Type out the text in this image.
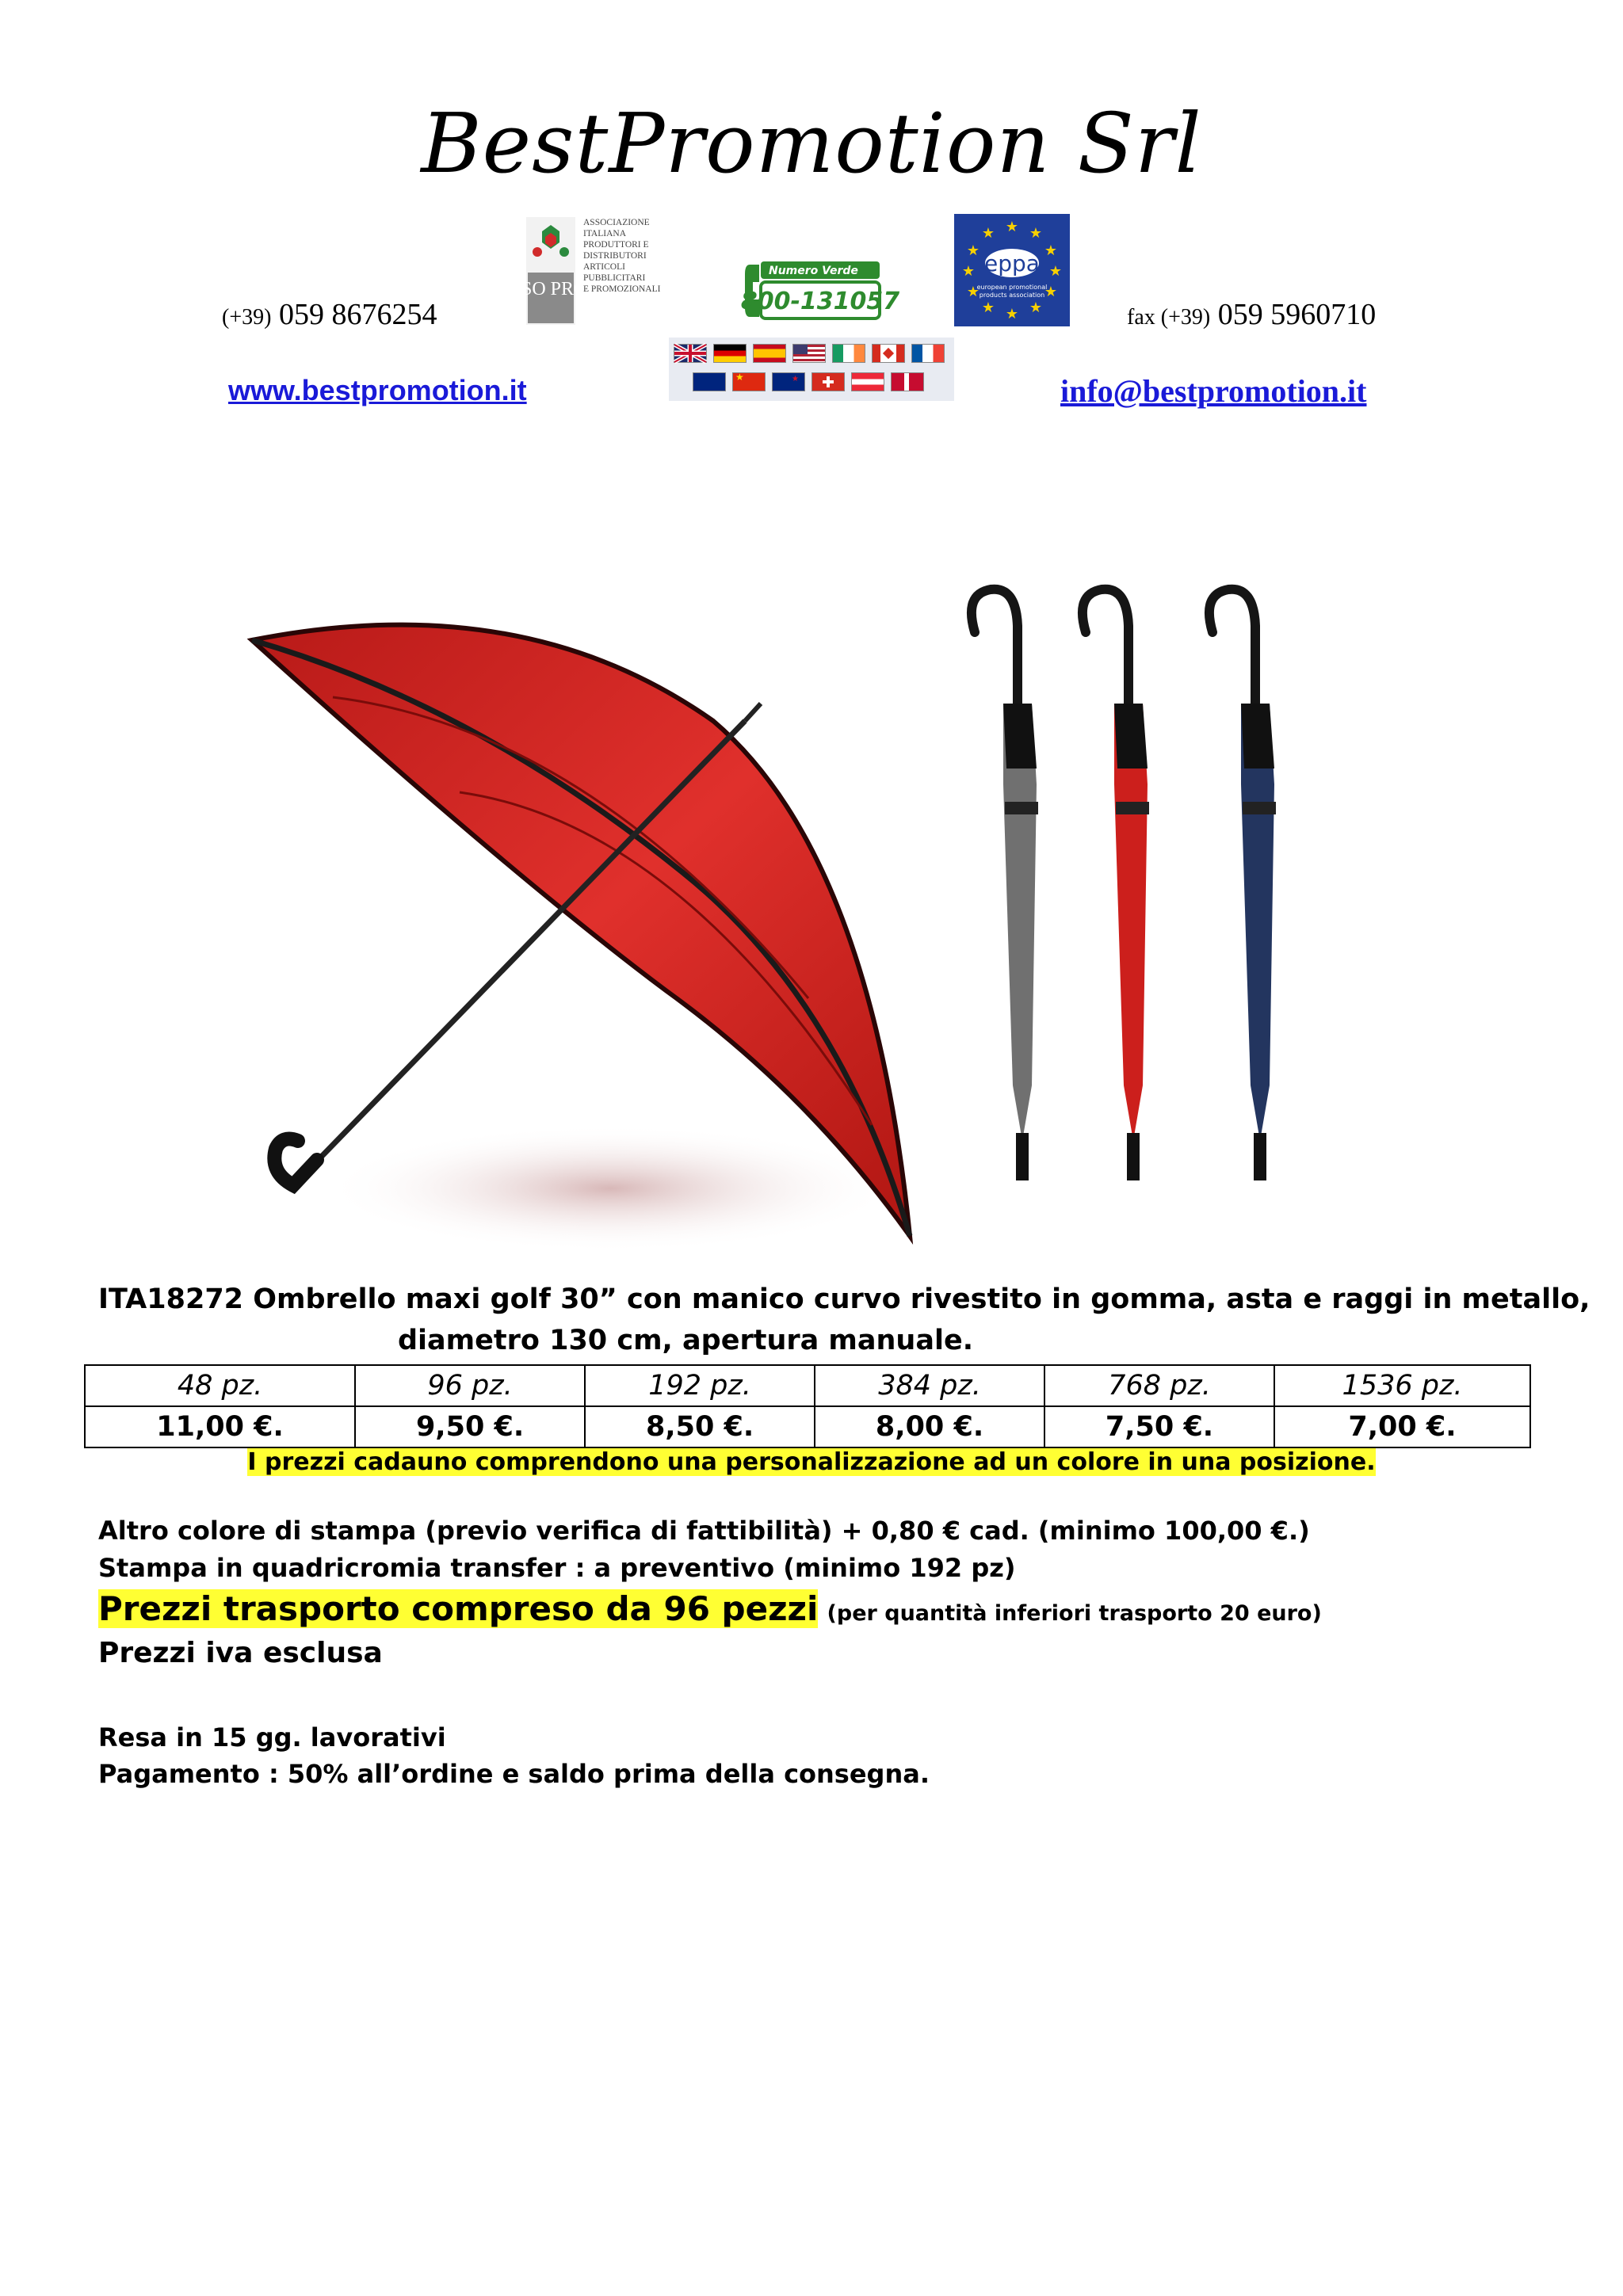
BestPromotion Srl
(+39) 059 8676254	fax (+39) 059 5960710
ASSO PROM
ASSOCIAZIONE
ITALIANA
PRODUTTORI E
DISTRIBUTORI
ARTICOLI
PUBBLICITARI
E PROMOZIONALI
Numero Verde
800-131057
★ ★
★
★
★
★
★
★
★
★
★
★
eppa
european promotional products association
★	★
www.bestpromotion.it	info@bestpromotion.it
ITA18272 Ombrello maxi golf 30” con manico curvo rivestito in gomma, asta e raggi in metallo,
diametro 130 cm, apertura manuale.
48 pz.	96 pz.	192 pz.	384 pz.	768 pz.	1536 pz.
11,00 €.	9,50 €.	8,50 €.	8,00 €.	7,50 €.	7,00 €.
I prezzi cadauno comprendono una personalizzazione ad un colore in una posizione.
Altro colore di stampa (previo verifica di fattibilità) + 0,80 € cad. (minimo 100,00 €.)
Stampa in quadricromia transfer : a preventivo (minimo 192 pz)
Prezzi trasporto compreso da 96 pezzi (per quantità inferiori trasporto 20 euro)
Prezzi iva esclusa
Resa in 15 gg. lavorativi
Pagamento : 50% all’ordine e saldo prima della consegna.
